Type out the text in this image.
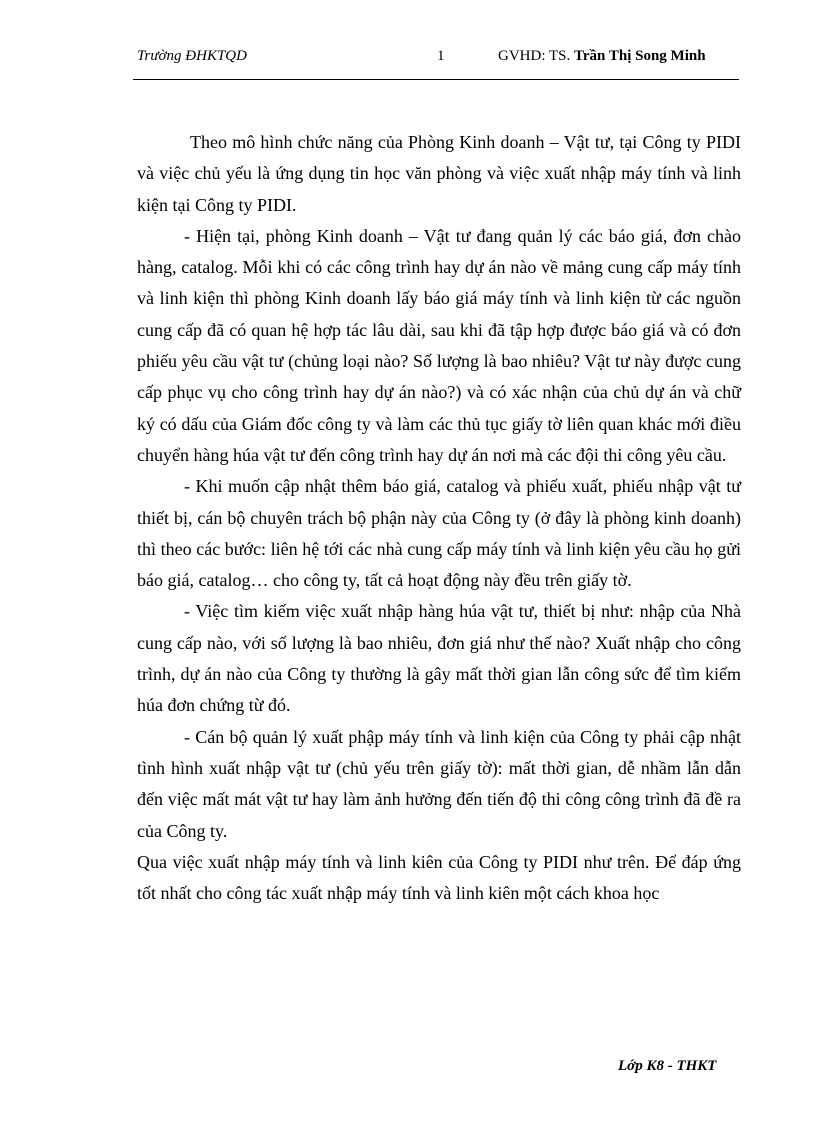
Trường ĐHKTQD	1	GVHD: TS. Trần Thị Song Minh

Theo mô hình chức năng của Phòng Kinh doanh – Vật tư, tại Công ty PIDI và việc chủ yếu là ứng dụng tin học văn phòng và việc xuất nhập máy tính và linh kiện tại Công ty PIDI.

- Hiện tại, phòng Kinh doanh – Vật tư đang quản lý các báo giá, đơn chào hàng, catalog. Mỗi khi có các công trình hay dự án nào về mảng cung cấp máy tính và linh kiện thì phòng Kinh doanh lấy báo giá máy tính và linh kiện từ các nguồn cung cấp đã có quan hệ hợp tác lâu dài, sau khi đã tập hợp được báo giá và có đơn phiếu yêu cầu vật tư (chủng loại nào? Số lượng là bao nhiêu? Vật tư này được cung cấp phục vụ cho công trình hay dự án nào?) và có xác nhận của chủ dự án và chữ ký có dấu của Giám đốc công ty và làm các thủ tục giấy tờ liên quan khác mới điều chuyển hàng húa vật tư đến công trình hay dự án nơi mà các đội thi công yêu cầu.

- Khi muốn cập nhật thêm báo giá, catalog và phiếu xuất, phiếu nhập vật tư thiết bị, cán bộ chuyên trách bộ phận này của Công ty (ở đây là phòng kinh doanh) thì theo các bước: liên hệ tới các nhà cung cấp máy tính và linh kiện yêu cầu họ gửi báo giá, catalog… cho công ty, tất cả hoạt động này đều trên giấy tờ.

- Việc tìm kiếm việc xuất nhập hàng húa vật tư, thiết bị như: nhập của Nhà cung cấp nào, với số lượng là bao nhiêu, đơn giá như thế nào? Xuất nhập cho công trình, dự án nào của Công ty thường là gây mất thời gian lẫn công sức để tìm kiếm húa đơn chứng từ đó.

- Cán bộ quản lý xuất phập máy tính và linh kiện của Công ty phải cập nhật tình hình xuất nhập vật tư (chủ yếu trên giấy tờ): mất thời gian, dễ nhầm lẫn dẫn đến việc mất mát vật tư hay làm ảnh hưởng đến tiến độ thi công công trình đã đề ra của Công ty.

Qua việc xuất nhập máy tính và linh kiên của Công ty PIDI như trên. Để đáp ứng tốt nhất cho công tác xuất nhập máy tính và linh kiên một cách khoa học

Lớp K8 - THKT
